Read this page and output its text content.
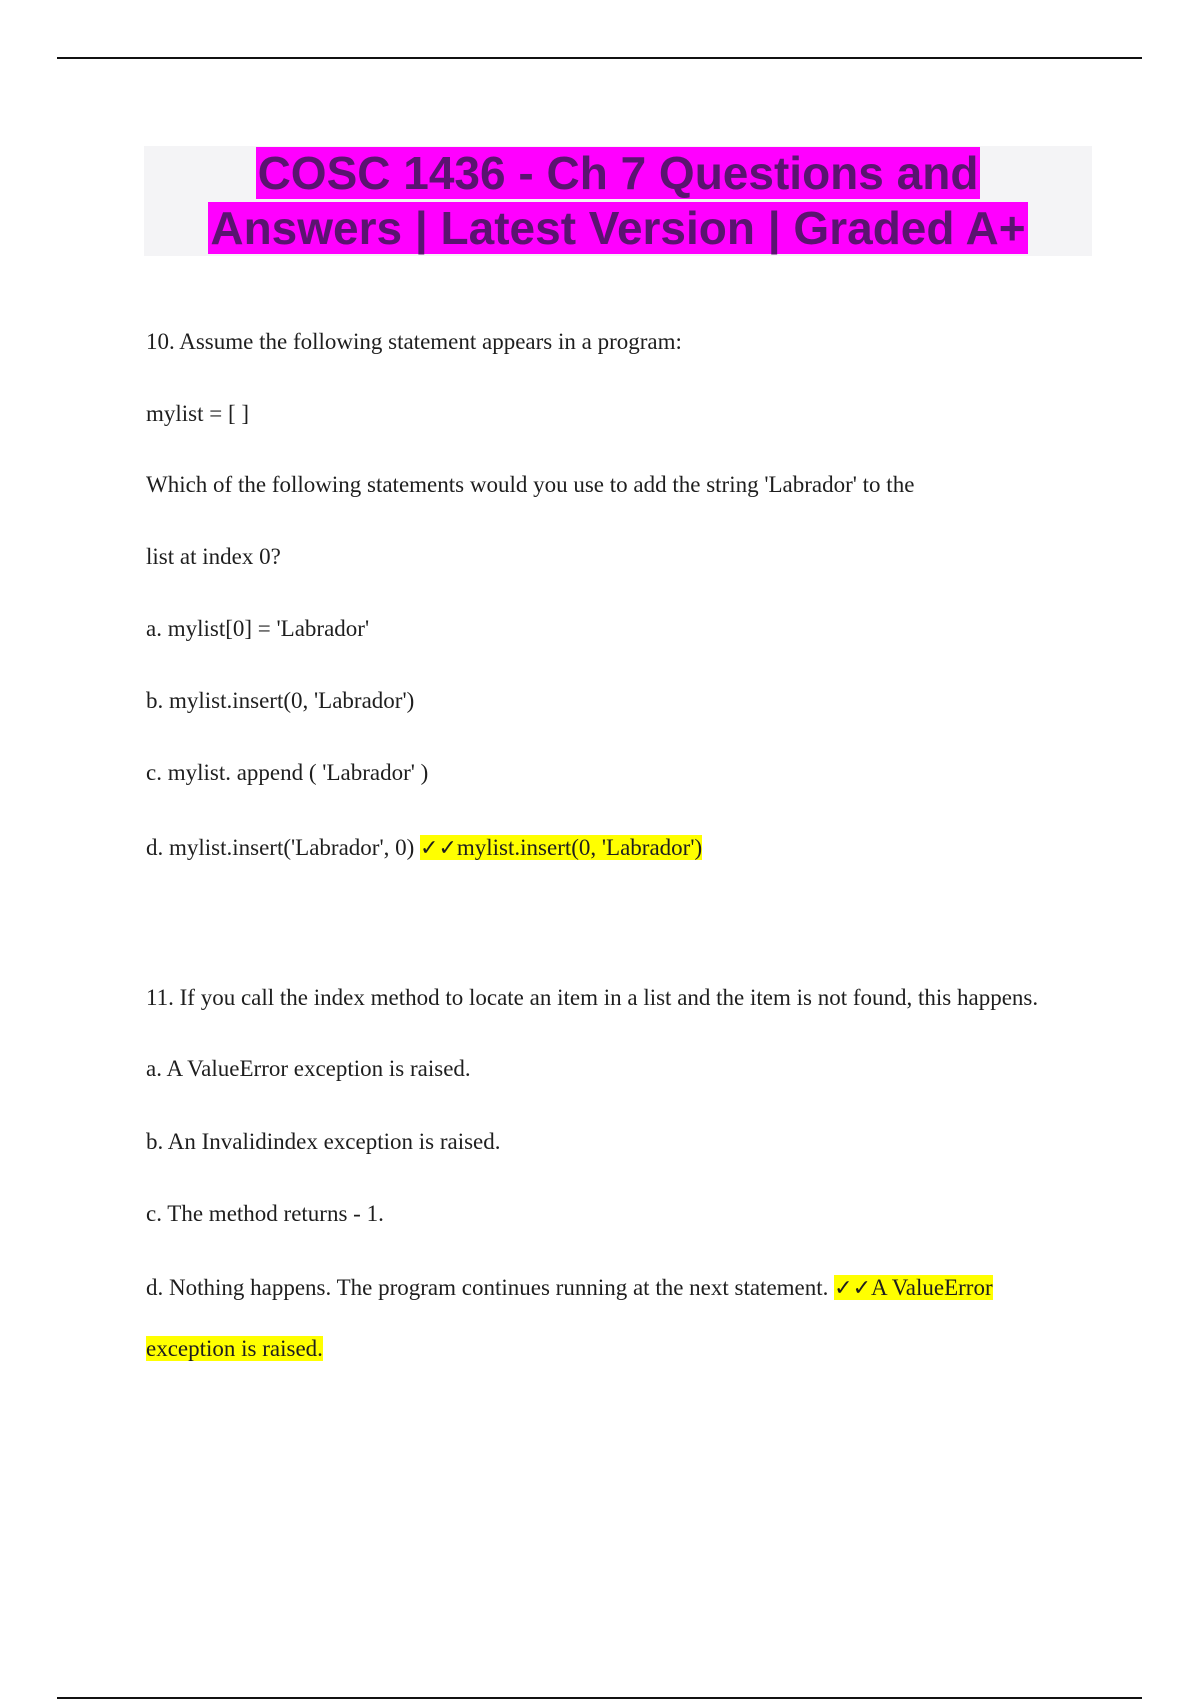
COSC 1436 - Ch 7 Questions and
Answers | Latest Version | Graded A+
10. Assume the following statement appears in a program:
mylist = [ ]
Which of the following statements would you use to add the string 'Labrador' to the
list at index 0?
a. mylist[0] = 'Labrador'
b. mylist.insert(0, 'Labrador')
c. mylist. append ( 'Labrador' )
d. mylist.insert('Labrador', 0) ✓✓mylist.insert(0, 'Labrador')
11. If you call the index method to locate an item in a list and the item is not found, this happens.
a. A ValueError exception is raised.
b. An Invalidindex exception is raised.
c. The method returns - 1.
d. Nothing happens. The program continues running at the next statement. ✓✓A ValueError
exception is raised.
